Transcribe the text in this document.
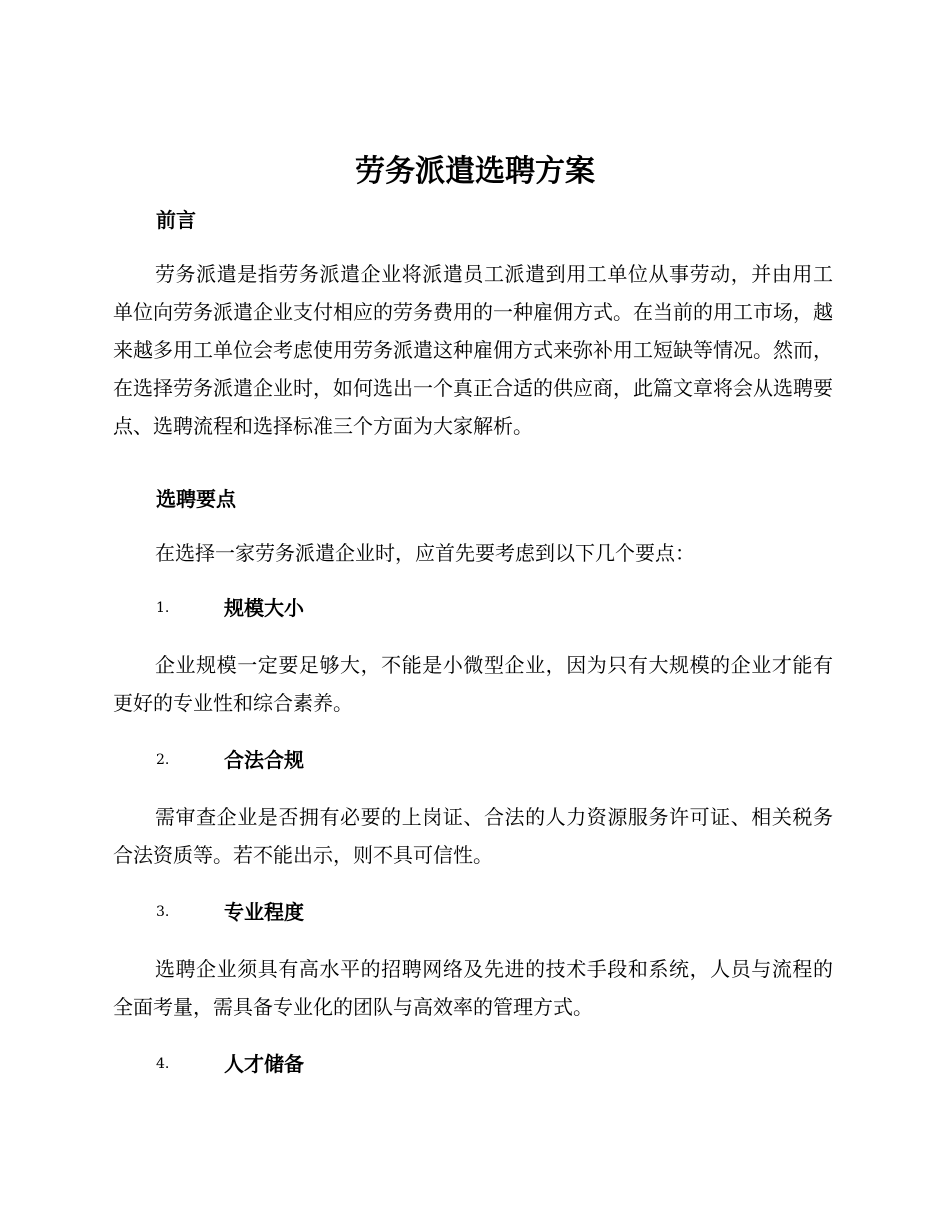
劳务派遣选聘方案
前言
劳务派遣是指劳务派遣企业将派遣员工派遣到用工单位从事劳动，并由用工单位向劳务派遣企业支付相应的劳务费用的一种雇佣方式。在当前的用工市场，越来越多用工单位会考虑使用劳务派遣这种雇佣方式来弥补用工短缺等情况。然而，在选择劳务派遣企业时，如何选出一个真正合适的供应商，此篇文章将会从选聘要点、选聘流程和选择标准三个方面为大家解析。
选聘要点
在选择一家劳务派遣企业时，应首先要考虑到以下几个要点：
1.	规模大小
企业规模一定要足够大，不能是小微型企业，因为只有大规模的企业才能有更好的专业性和综合素养。
2.	合法合规
需审查企业是否拥有必要的上岗证、合法的人力资源服务许可证、相关税务合法资质等。若不能出示，则不具可信性。
3.	专业程度
选聘企业须具有高水平的招聘网络及先进的技术手段和系统，人员与流程的全面考量，需具备专业化的团队与高效率的管理方式。
4.	人才储备
